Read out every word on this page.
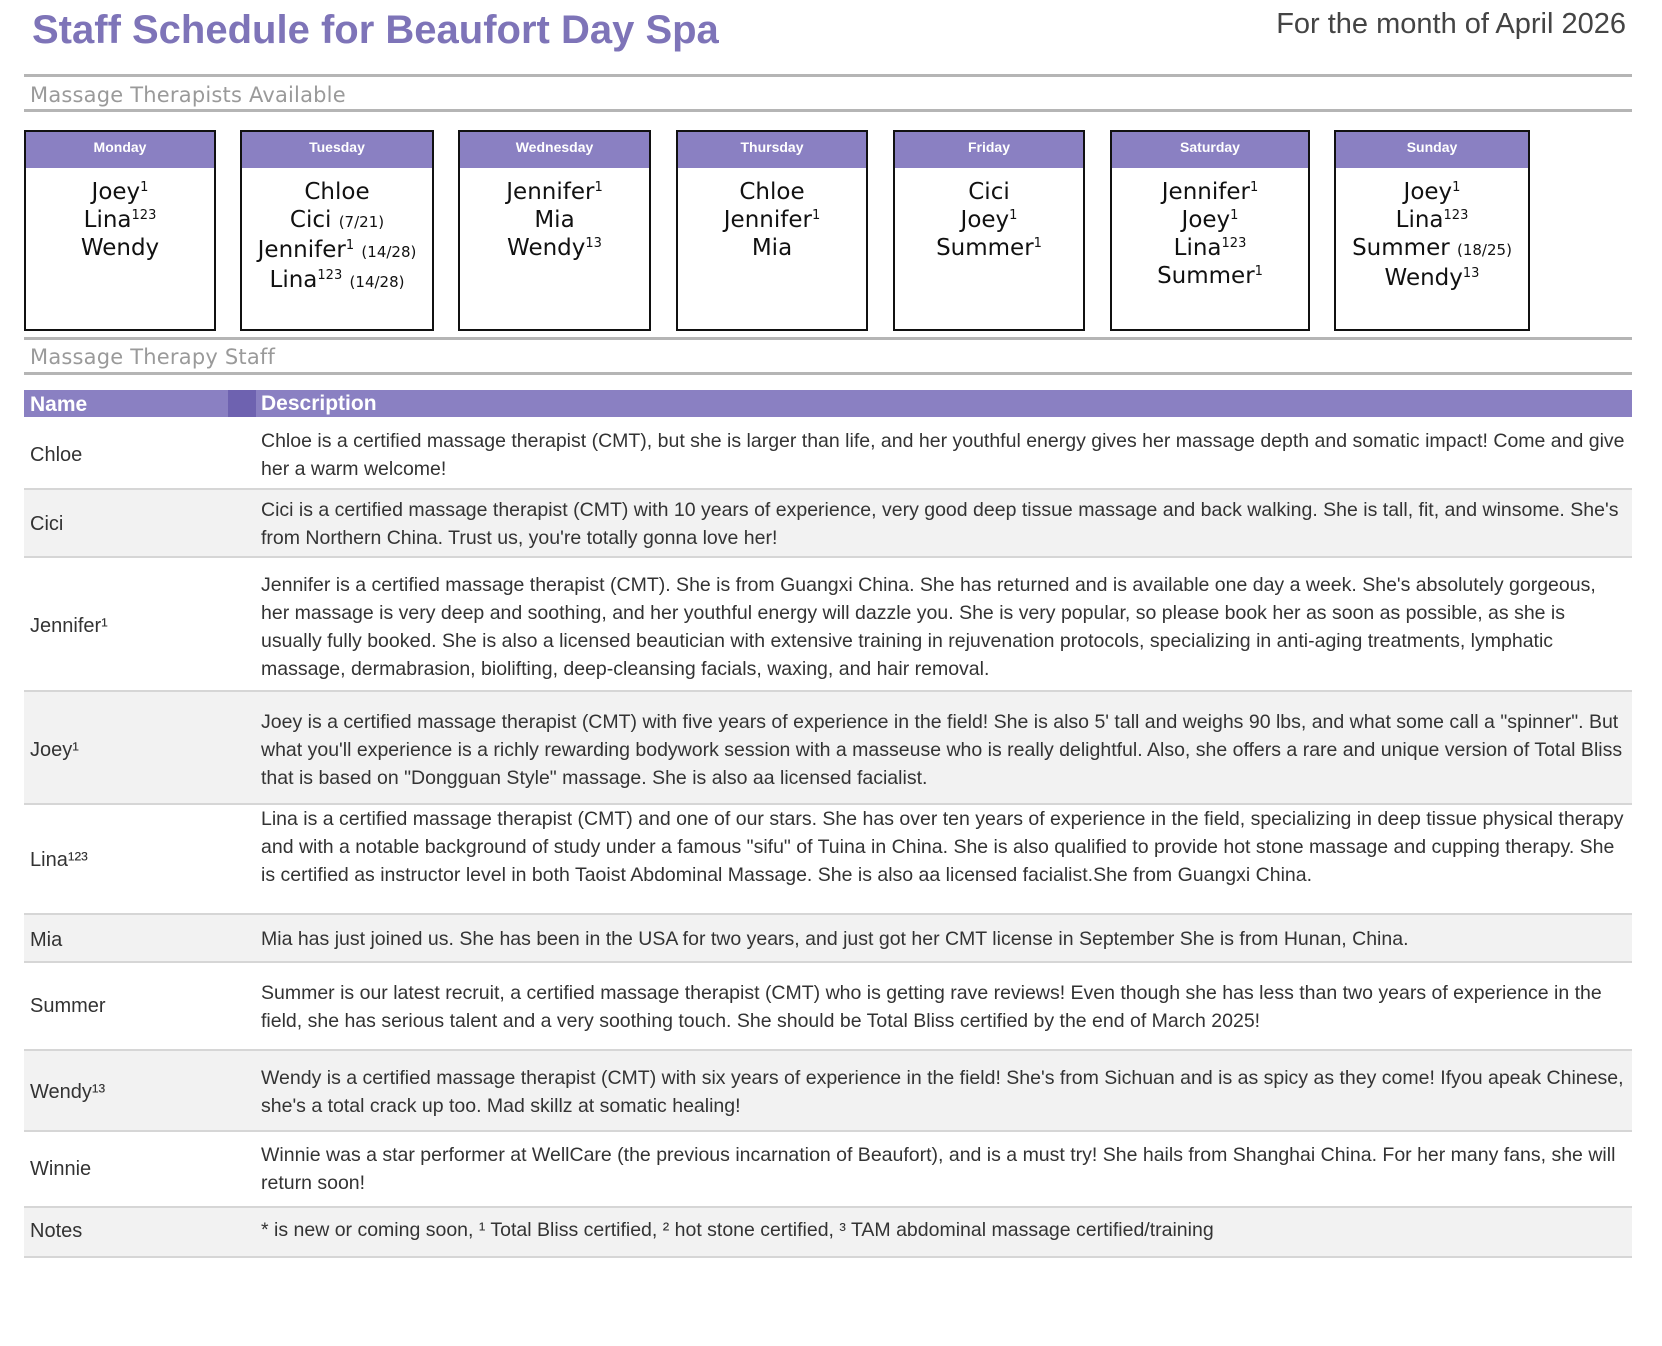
Staff Schedule for Beaufort Day Spa	For the month of April 2026
Massage Therapists Available
Monday
Joey$^1$
Lina$^{123}$
Wendy
Tuesday
Chloe
Cici (7/21)
Jennifer$^1$ (14/28)
Lina$^{123}$ (14/28)
Wednesday
Jennifer$^1$
Mia
Wendy$^{13}$
Thursday
Chloe
Jennifer$^1$
Mia
Friday
Cici
Joey$^1$
Summer$^1$
Saturday
Jennifer$^1$
Joey$^1$
Lina$^{123}$
Summer$^1$
Sunday
Joey$^1$
Lina$^{123}$
Summer (18/25)
Wendy$^{13}$
Massage Therapy Staff
Name	Description
Chloe
Chloe is a certified massage therapist (CMT), but she is larger than life, and her youthful energy gives her massage depth and somatic impact! Come and give her a warm welcome!
Cici
Cici is a certified massage therapist (CMT) with 10 years of experience, very good deep tissue massage and back walking. She is tall, fit, and winsome. She's from Northern China. Trust us, you're totally gonna love her!
Jennifer¹
Jennifer is a certified massage therapist (CMT). She is from Guangxi China. She has returned and is available one day a week. She's absolutely gorgeous, her massage is very deep and soothing, and her youthful energy will dazzle you. She is very popular, so please book her as soon as possible, as she is usually fully booked. She is also a licensed beautician with extensive training in rejuvenation protocols, specializing in anti-aging treatments, lymphatic massage, dermabrasion, biolifting, deep-cleansing facials, waxing, and hair removal.
Joey¹
Joey is a certified massage therapist (CMT) with five years of experience in the field! She is also 5' tall and weighs 90 lbs, and what some call a "spinner". But what you'll experience is a richly rewarding bodywork session with a masseuse who is really delightful. Also, she offers a rare and unique version of Total Bliss that is based on "Dongguan Style" massage. She is also aa licensed facialist.
Lina¹²³
Lina is a certified massage therapist (CMT) and one of our stars. She has over ten years of experience in the field, specializing in deep tissue physical therapy and with a notable background of study under a famous "sifu" of Tuina in China. She is also qualified to provide hot stone massage and cupping therapy. She is certified as instructor level in both Taoist Abdominal Massage. She is also aa licensed facialist.She from Guangxi China.
Mia	Mia has just joined us. She has been in the USA for two years, and just got her CMT license in September She is from Hunan, China.
Summer
Summer is our latest recruit, a certified massage therapist (CMT) who is getting rave reviews! Even though she has less than two years of experience in the field, she has serious talent and a very soothing touch. She should be Total Bliss certified by the end of March 2025!
Wendy¹³
Wendy is a certified massage therapist (CMT) with six years of experience in the field! She's from Sichuan and is as spicy as they come! Ifyou apeak Chinese, she's a total crack up too. Mad skillz at somatic healing!
Winnie
Winnie was a star performer at WellCare (the previous incarnation of Beaufort), and is a must try! She hails from Shanghai China. For her many fans, she will return soon!
Notes	* is new or coming soon, ¹ Total Bliss certified, ² hot stone certified, ³ TAM abdominal massage certified/training
